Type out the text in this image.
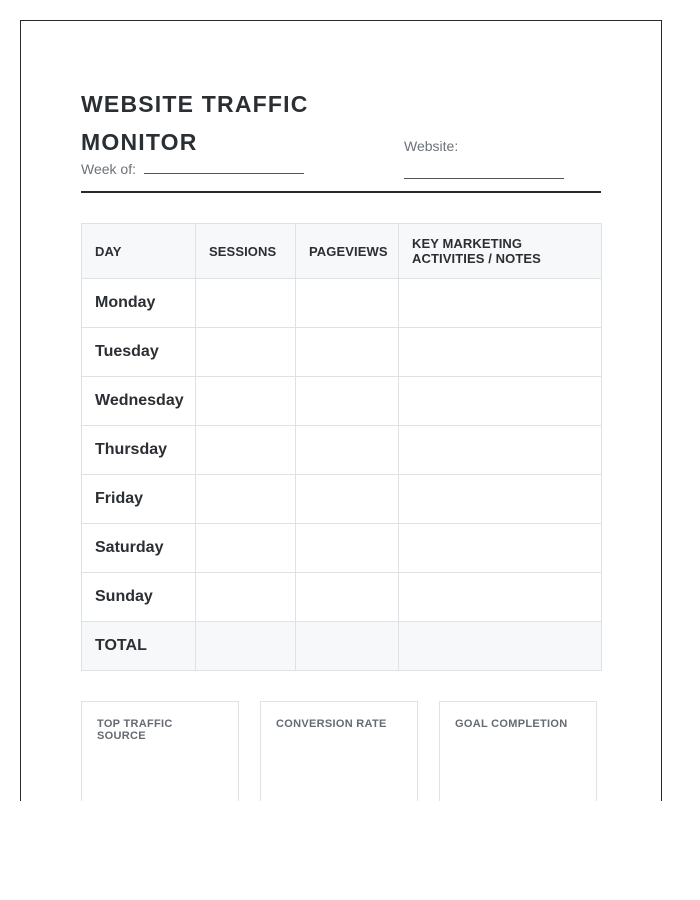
WEBSITE TRAFFIC
MONITOR
Week of:
Website:
DAY	SESSIONS	PAGEVIEWS	KEY MARKETING
ACTIVITIES / NOTES
Monday			
Tuesday			
Wednesday			
Thursday			
Friday			
Saturday			
Sunday			
TOTAL			
TOP TRAFFIC SOURCE
CONVERSION RATE	GOAL COMPLETION
